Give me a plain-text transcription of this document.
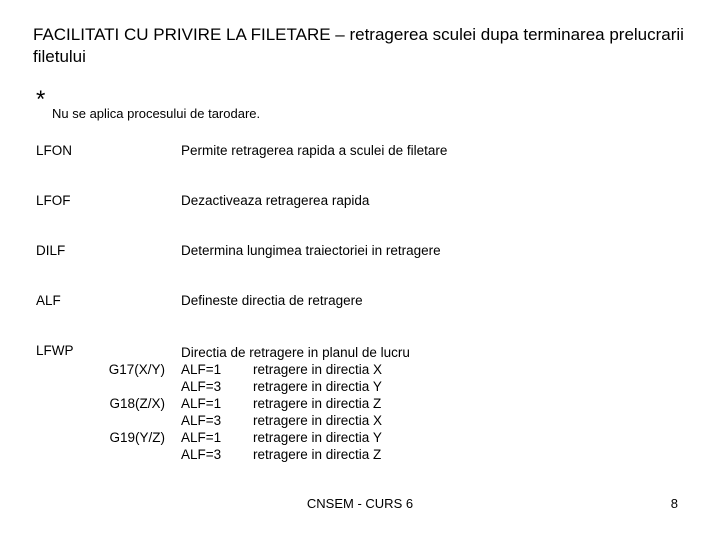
FACILITATI CU PRIVIRE LA FILETARE – retragerea sculei dupa terminarea prelucrarii filetului
*
Nu se aplica procesului de tarodare.
LFON	Permite retragerea rapida a sculei de filetare
LFOF	Dezactiveaza retragerea rapida
DILF	Determina lungimea traiectoriei in retragere
ALF	Defineste directia de retragere
LFWP	Directia de retragere in planul de lucru
G17(X/Y) ALF=1 retragere in directia X
ALF=3 retragere in directia Y
G18(Z/X) ALF=1 retragere in directia Z
ALF=3 retragere in directia X
G19(Y/Z) ALF=1 retragere in directia Y
ALF=3 retragere in directia Z
CNSEM - CURS 6	8
